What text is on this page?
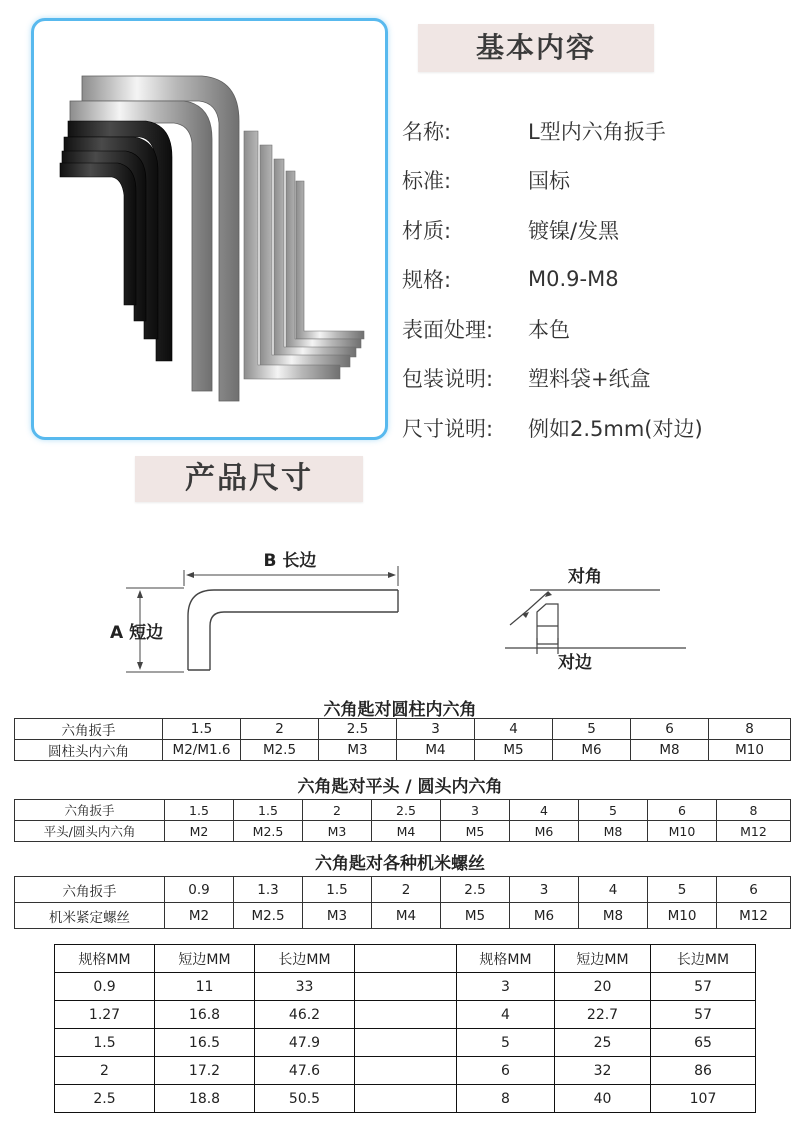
基本内容
名称:	L型内六角扳手
标准:	国标
材质:	镀镍/发黑
规格:	M0.9-M8
表面处理:	本色
包装说明:	塑料袋+纸盒
尺寸说明:	例如2.5mm(对边)
产品尺寸
B 长边
A 短边
对角
对边
六角匙对圆柱内六角
六角扳手	1.5	2	2.5	3	4	5	6	8
圆柱头内六角	M2/M1.6	M2.5	M3	M4	M5	M6	M8	M10
六角匙对平头 / 圆头内六角
六角扳手	1.5	1.5	2	2.5	3	4	5	6	8
平头/圆头内六角	M2	M2.5	M3	M4	M5	M6	M8	M10	M12
六角匙对各种机米螺丝
六角扳手	0.9	1.3	1.5	2	2.5	3	4	5	6
机米紧定螺丝	M2	M2.5	M3	M4	M5	M6	M8	M10	M12
规格MM	短边MM	长边MM		规格MM	短边MM	长边MM
0.9	11	33		3	20	57
1.27	16.8	46.2		4	22.7	57
1.5	16.5	47.9		5	25	65
2	17.2	47.6		6	32	86
2.5	18.8	50.5		8	40	107
